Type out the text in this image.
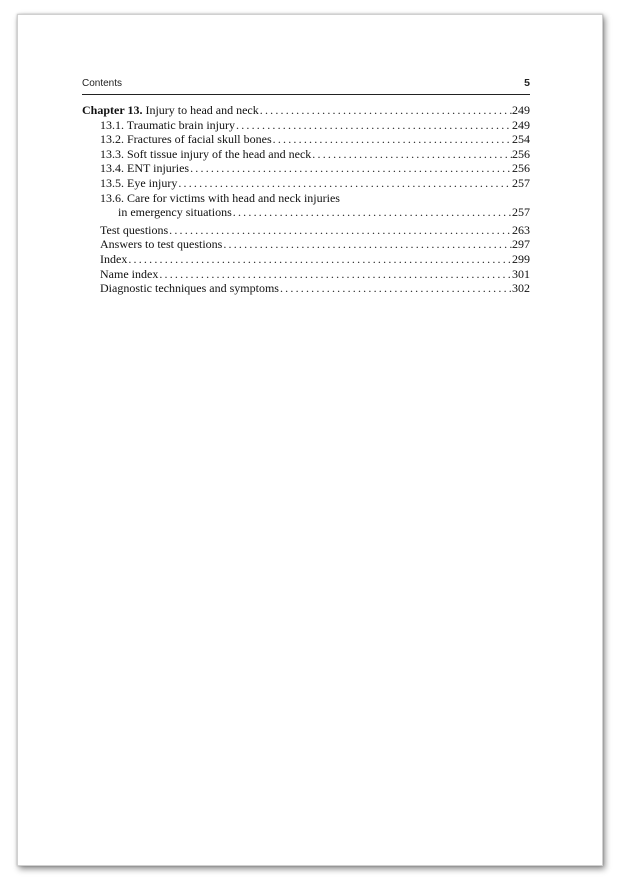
Contents	5
Chapter 13. Injury to head and neck . . .	249
13.1. Traumatic brain injury . . .	249
13.2. Fractures of facial skull bones . . .	254
13.3. Soft tissue injury of the head and neck . . .	256
13.4. ENT injuries . . .	256
13.5. Eye injury . . .	257
13.6. Care for victims with head and neck injuries
in emergency situations . . .	257
Test questions . . .	263
Answers to test questions . . .	297
Index . . .	299
Name index . . .	301
Diagnostic techniques and symptoms . . .	302
